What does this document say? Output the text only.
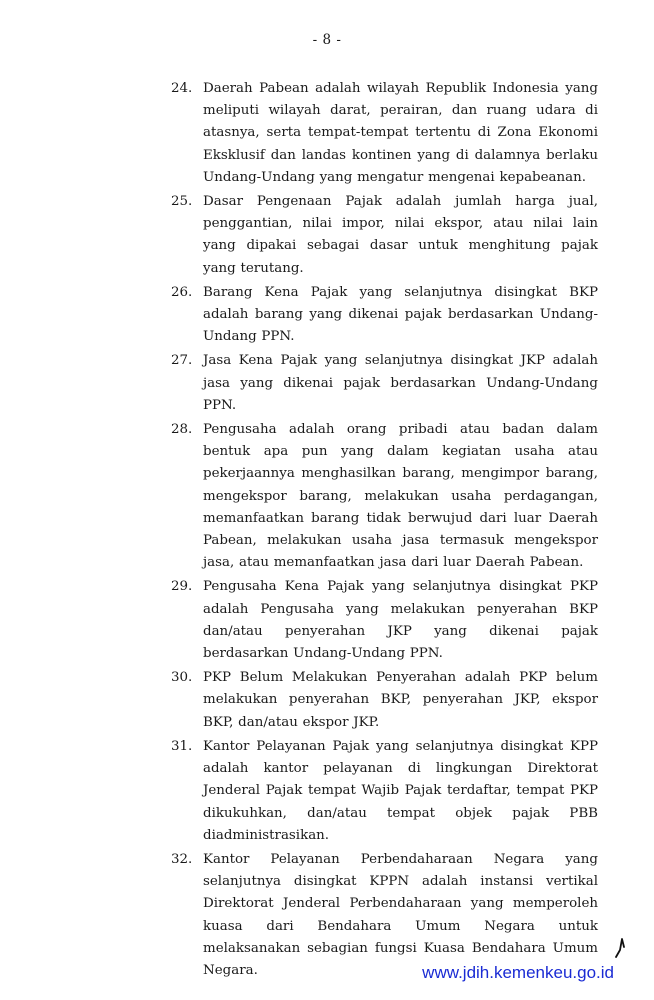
- 8 -
24. Daerah Pabean adalah wilayah Republik Indonesia yang meliputi wilayah darat, perairan, dan ruang udara di atasnya, serta tempat-tempat tertentu di Zona Ekonomi Eksklusif dan landas kontinen yang di dalamnya berlaku Undang-Undang yang mengatur mengenai kepabeanan.
25. Dasar Pengenaan Pajak adalah jumlah harga jual, penggantian, nilai impor, nilai ekspor, atau nilai lain yang dipakai sebagai dasar untuk menghitung pajak yang terutang.
26. Barang Kena Pajak yang selanjutnya disingkat BKP adalah barang yang dikenai pajak berdasarkan Undang-Undang PPN.
27. Jasa Kena Pajak yang selanjutnya disingkat JKP adalah jasa yang dikenai pajak berdasarkan Undang-Undang PPN.
28. Pengusaha adalah orang pribadi atau badan dalam bentuk apa pun yang dalam kegiatan usaha atau pekerjaannya menghasilkan barang, mengimpor barang, mengekspor barang, melakukan usaha perdagangan, memanfaatkan barang tidak berwujud dari luar Daerah Pabean, melakukan usaha jasa termasuk mengekspor jasa, atau memanfaatkan jasa dari luar Daerah Pabean.
29. Pengusaha Kena Pajak yang selanjutnya disingkat PKP adalah Pengusaha yang melakukan penyerahan BKP dan/atau penyerahan JKP yang dikenai pajak berdasarkan Undang-Undang PPN.
30. PKP Belum Melakukan Penyerahan adalah PKP belum melakukan penyerahan BKP, penyerahan JKP, ekspor BKP, dan/atau ekspor JKP.
31. Kantor Pelayanan Pajak yang selanjutnya disingkat KPP adalah kantor pelayanan di lingkungan Direktorat Jenderal Pajak tempat Wajib Pajak terdaftar, tempat PKP dikukuhkan, dan/atau tempat objek pajak PBB diadministrasikan.
32. Kantor Pelayanan Perbendaharaan Negara yang selanjutnya disingkat KPPN adalah instansi vertikal Direktorat Jenderal Perbendaharaan yang memperoleh kuasa dari Bendahara Umum Negara untuk melaksanakan sebagian fungsi Kuasa Bendahara Umum Negara.	www.jdih.kemenkeu.go.id
